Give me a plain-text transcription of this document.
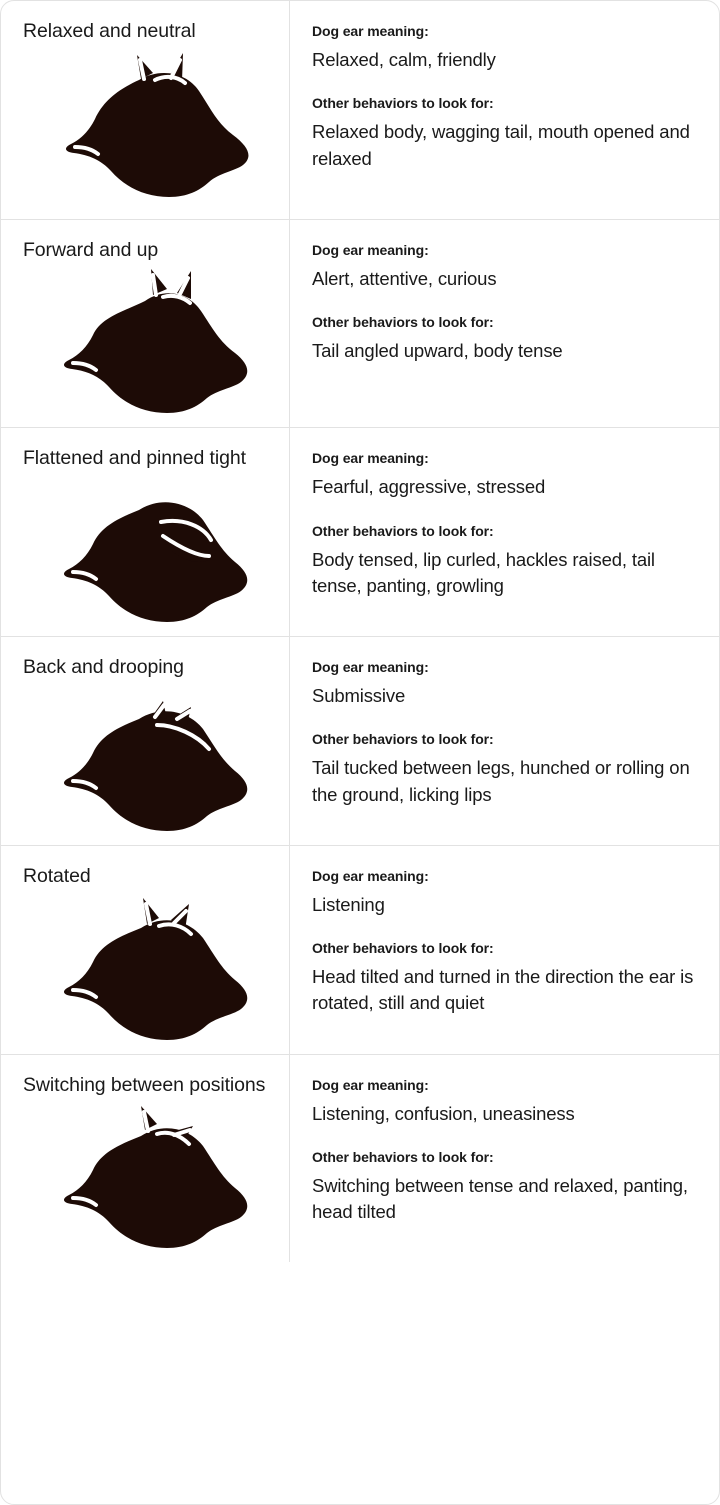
Relaxed and neutral	Dog ear meaning:

Relaxed, calm, friendly

Other behaviors to look for:

Relaxed body, wagging tail, mouth opened and relaxed

Forward and up	Dog ear meaning:

Alert, attentive, curious

Other behaviors to look for:

Tail angled upward, body tense

Flattened and pinned tight	Dog ear meaning:

Fearful, aggressive, stressed

Other behaviors to look for:

Body tensed, lip curled, hackles raised, tail tense, panting, growling

Back and drooping	Dog ear meaning:

Submissive

Other behaviors to look for:

Tail tucked between legs, hunched or rolling on the ground, licking lips

Rotated	Dog ear meaning:

Listening

Other behaviors to look for:

Head tilted and turned in the direction the ear is rotated, still and quiet

Switching between positions	Dog ear meaning:

Listening, confusion, uneasiness

Other behaviors to look for:

Switching between tense and relaxed, panting, head tilted
